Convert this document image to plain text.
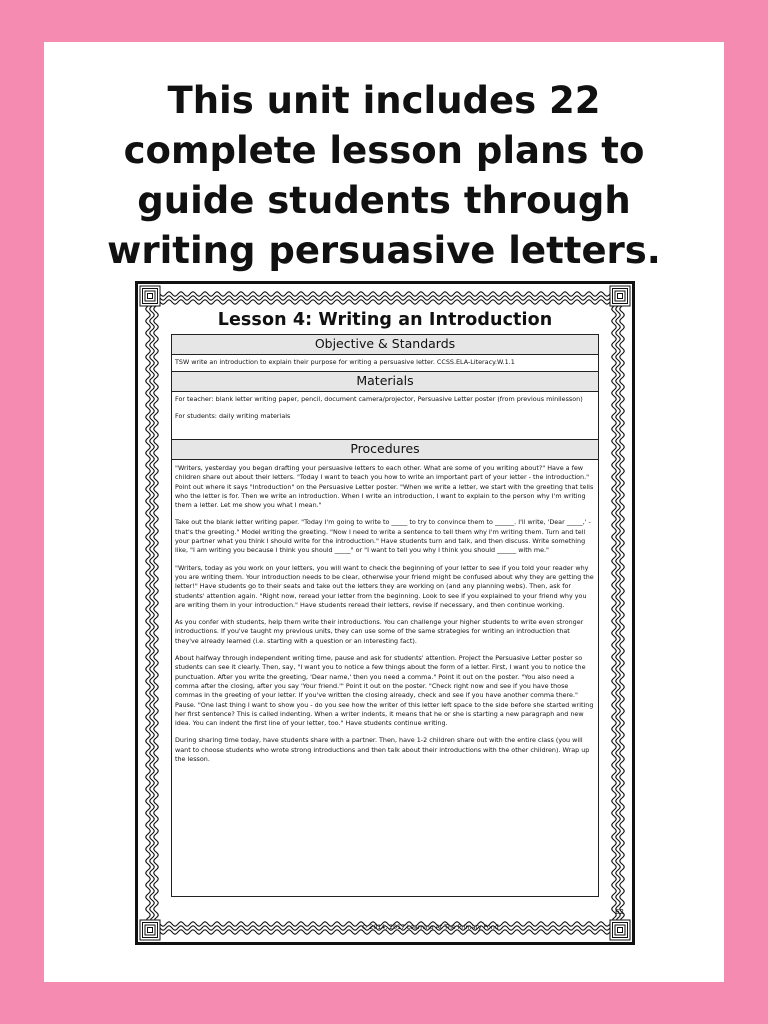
This unit includes 22 complete lesson plans to guide students through writing persuasive letters.
Lesson 4: Writing an Introduction
Objective & Standards

TSW write an introduction to explain their purpose for writing a persuasive letter. CCSS.ELA-Literacy.W.1.1

Materials

For teacher: blank letter writing paper, pencil, document camera/projector, Persuasive Letter poster (from previous minilesson)

For students: daily writing materials

Procedures

"Writers, yesterday you began drafting your persuasive letters to each other. What are some of you writing about?" Have a few children share out about their letters. "Today I want to teach you how to write an important part of your letter - the introduction." Point out where it says "Introduction" on the Persuasive Letter poster. "When we write a letter, we start with the greeting that tells who the letter is for. Then we write an introduction. When I write an introduction, I want to explain to the person why I'm writing them a letter. Let me show you what I mean."

Take out the blank letter writing paper. "Today I'm going to write to _____ to try to convince them to ______. I'll write, 'Dear _____,' - that's the greeting." Model writing the greeting. "Now I need to write a sentence to tell them why I'm writing them. Turn and tell your partner what you think I should write for the introduction." Have students turn and talk, and then discuss. Write something like, "I am writing you because I think you should _____" or "I want to tell you why I think you should ______ with me."

"Writers, today as you work on your letters, you will want to check the beginning of your letter to see if you told your reader why you are writing them. Your introduction needs to be clear, otherwise your friend might be confused about why they are getting the letter!" Have students go to their seats and take out the letters they are working on (and any planning webs). Then, ask for students' attention again. "Right now, reread your letter from the beginning. Look to see if you explained to your friend why you are writing them in your introduction." Have students reread their letters, revise if necessary, and then continue working.

As you confer with students, help them write their introductions. You can challenge your higher students to write even stronger introductions. If you've taught my previous units, they can use some of the same strategies for writing an introduction that they've already learned (i.e. starting with a question or an interesting fact).

About halfway through independent writing time, pause and ask for students' attention. Project the Persuasive Letter poster so students can see it clearly. Then, say, "I want you to notice a few things about the form of a letter. First, I want you to notice the punctuation. After you write the greeting, 'Dear name,' then you need a comma." Point it out on the poster. "You also need a comma after the closing, after you say 'Your friend.'" Point it out on the poster. "Check right now and see if you have those commas in the greeting of your letter. If you've written the closing already, check and see if you have another comma there." Pause. "One last thing I want to show you - do you see how the writer of this letter left space to the side before she started writing her first sentence? This is called indenting. When a writer indents, it means that he or she is starting a new paragraph and new idea. You can indent the first line of your letter, too." Have students continue writing.

During sharing time today, have students share with a partner. Then, have 1-2 children share out with the entire class (you will want to choose students who wrote strong introductions and then talk about their introductions with the other children). Wrap up the lesson.

62
© 2014, 2017 Learning At The Primary Pond
